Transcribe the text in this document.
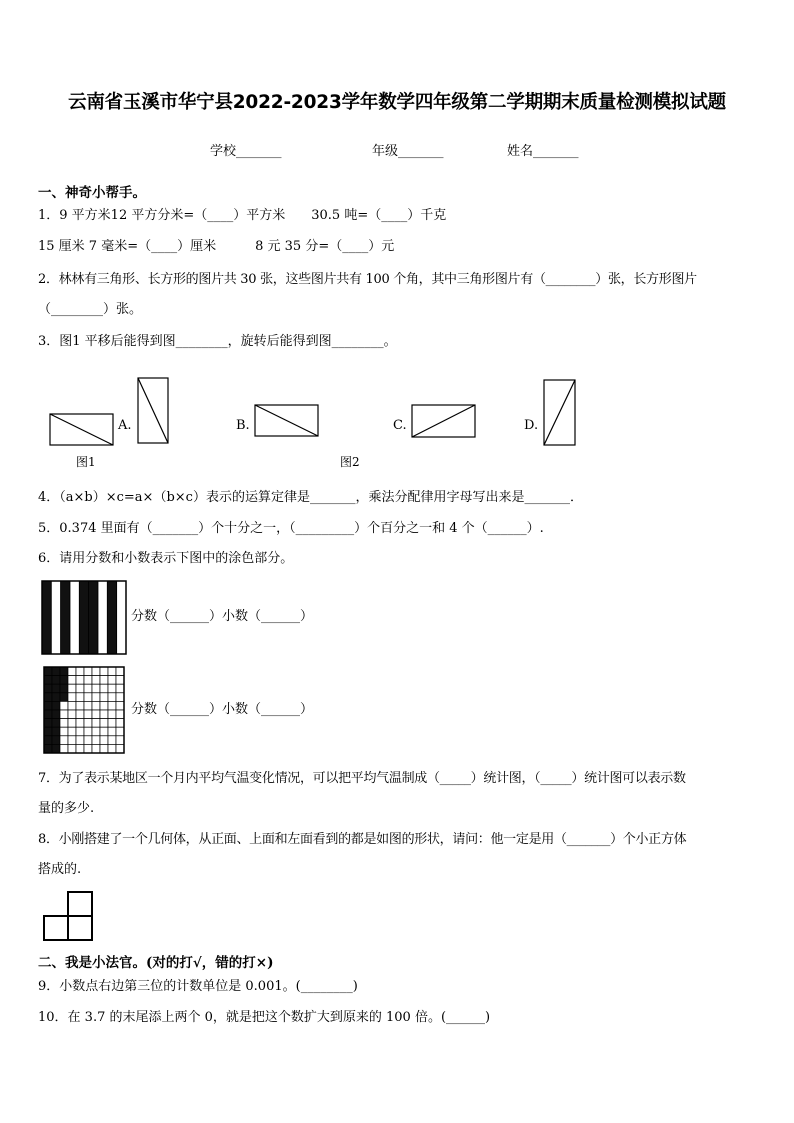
云南省玉溪市华宁县2022-2023学年数学四年级第二学期期末质量检测模拟试题
学校_______	年级_______	姓名_______
一、神奇小帮手。
1．9 平方米12 平方分米=（____）平方米　　30.5 吨=（____）千克
15 厘米 7 毫米=（____）厘米　　　8 元 35 分=（____）元
2．林林有三角形、长方形的图片共 30 张，这些图片共有 100 个角，其中三角形图片有（________）张，长方形图片
（________）张。
3．图1 平移后能得到图________，旋转后能得到图________。
A.	B.	C.	D.
图1	图2
4．（a×b）×c=a×（b×c）表示的运算定律是_______，乘法分配律用字母写出来是_______．
5．0.374 里面有（_______）个十分之一，（_________）个百分之一和 4 个（______）.
6．请用分数和小数表示下图中的涂色部分。
分数（______）小数（______）
分数（______）小数（______）
7．为了表示某地区一个月内平均气温变化情况，可以把平均气温制成（_____）统计图，（_____）统计图可以表示数
量的多少.
8．小刚搭建了一个几何体，从正面、上面和左面看到的都是如图的形状，请问：他一定是用（_______）个小正方体
搭成的.
二、我是小法官。(对的打√，错的打×)
9．小数点右边第三位的计数单位是 0.001。(________)
10．在 3.7 的末尾添上两个 0，就是把这个数扩大到原来的 100 倍。(______)
